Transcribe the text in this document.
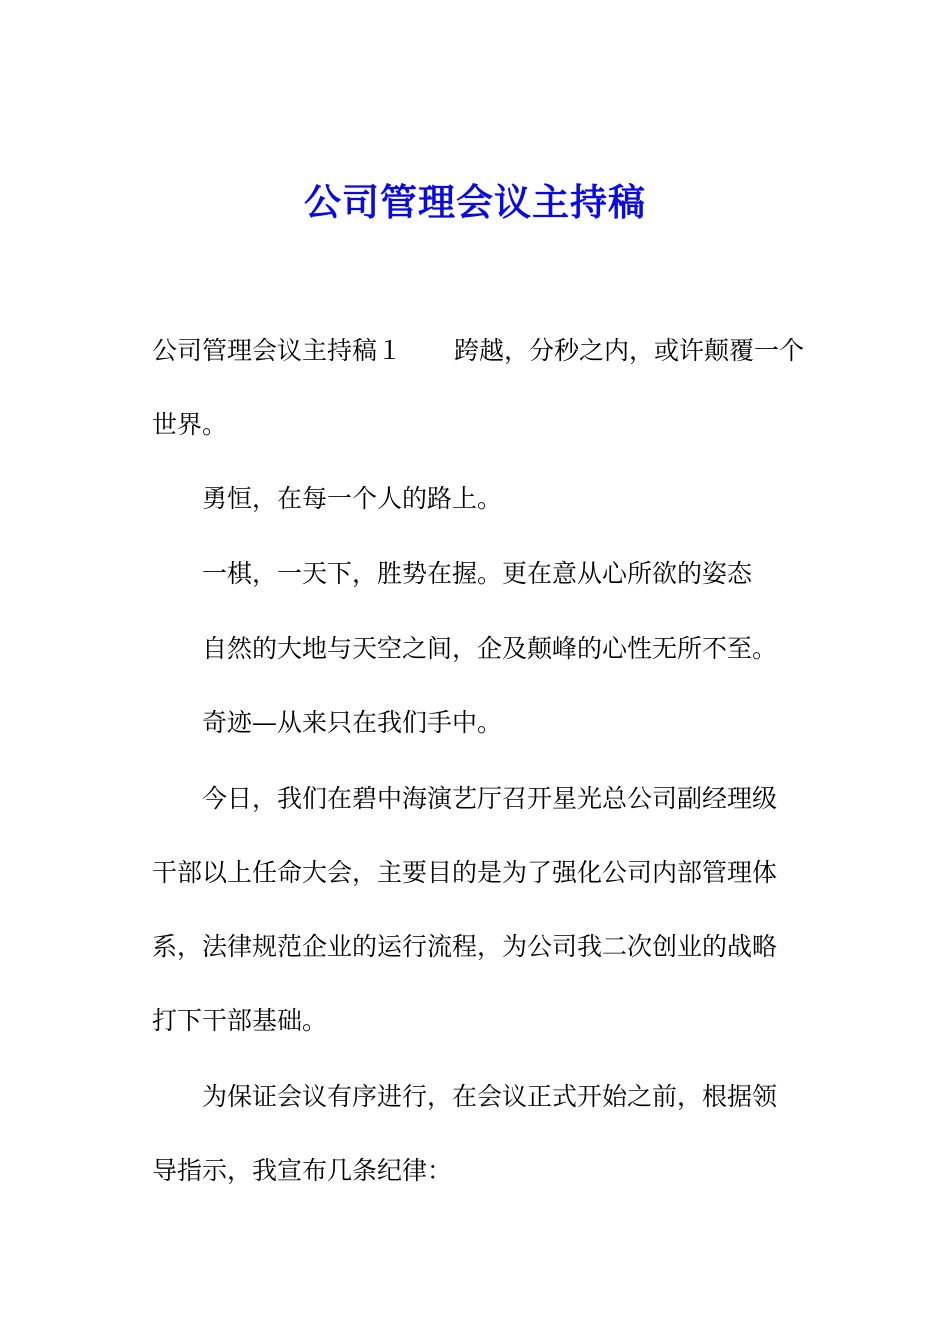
公司管理会议主持稿
公司管理会议主持稿１ 跨越，分秒之内，或许颠覆一个
世界。
勇恒，在每一个人的路上。
一棋，一天下，胜势在握。更在意从心所欲的姿态
自然的大地与天空之间，企及颠峰的心性无所不至。
奇迹—从来只在我们手中。
今日，我们在碧中海演艺厅召开星光总公司副经理级
干部以上任命大会，主要目的是为了强化公司内部管理体
系，法律规范企业的运行流程，为公司我二次创业的战略
打下干部基础。
为保证会议有序进行，在会议正式开始之前，根据领
导指示，我宣布几条纪律：
